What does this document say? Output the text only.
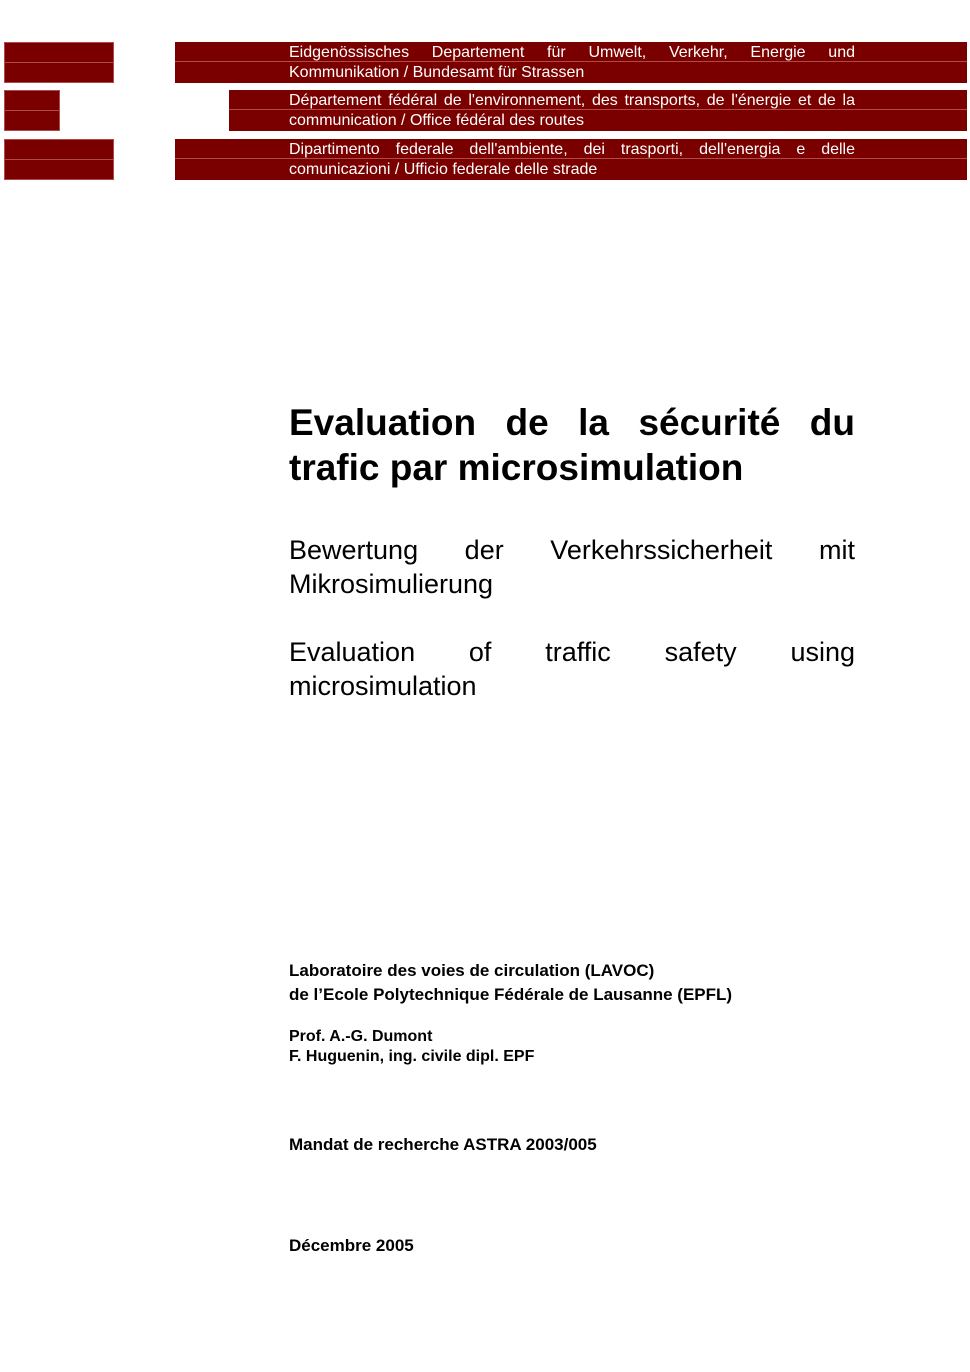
Eidgenössisches Departement für Umwelt, Verkehr, Energie und Kommunikation / Bundesamt für Strassen
Département fédéral de l'environnement, des transports, de l'énergie et de la communication / Office fédéral des routes
Dipartimento federale dell'ambiente, dei trasporti, dell'energia e delle comunicazioni / Ufficio federale delle strade
Evaluation de la sécurité du trafic par microsimulation

Bewertung der Verkehrssicherheit mit Mikrosimulierung

Evaluation of traffic safety using microsimulation

Laboratoire des voies de circulation (LAVOC)

de l’Ecole Polytechnique Fédérale de Lausanne (EPFL)

Prof. A.-G. Dumont

F. Huguenin, ing. civile dipl. EPF

Mandat de recherche ASTRA 2003/005

Décembre 2005
